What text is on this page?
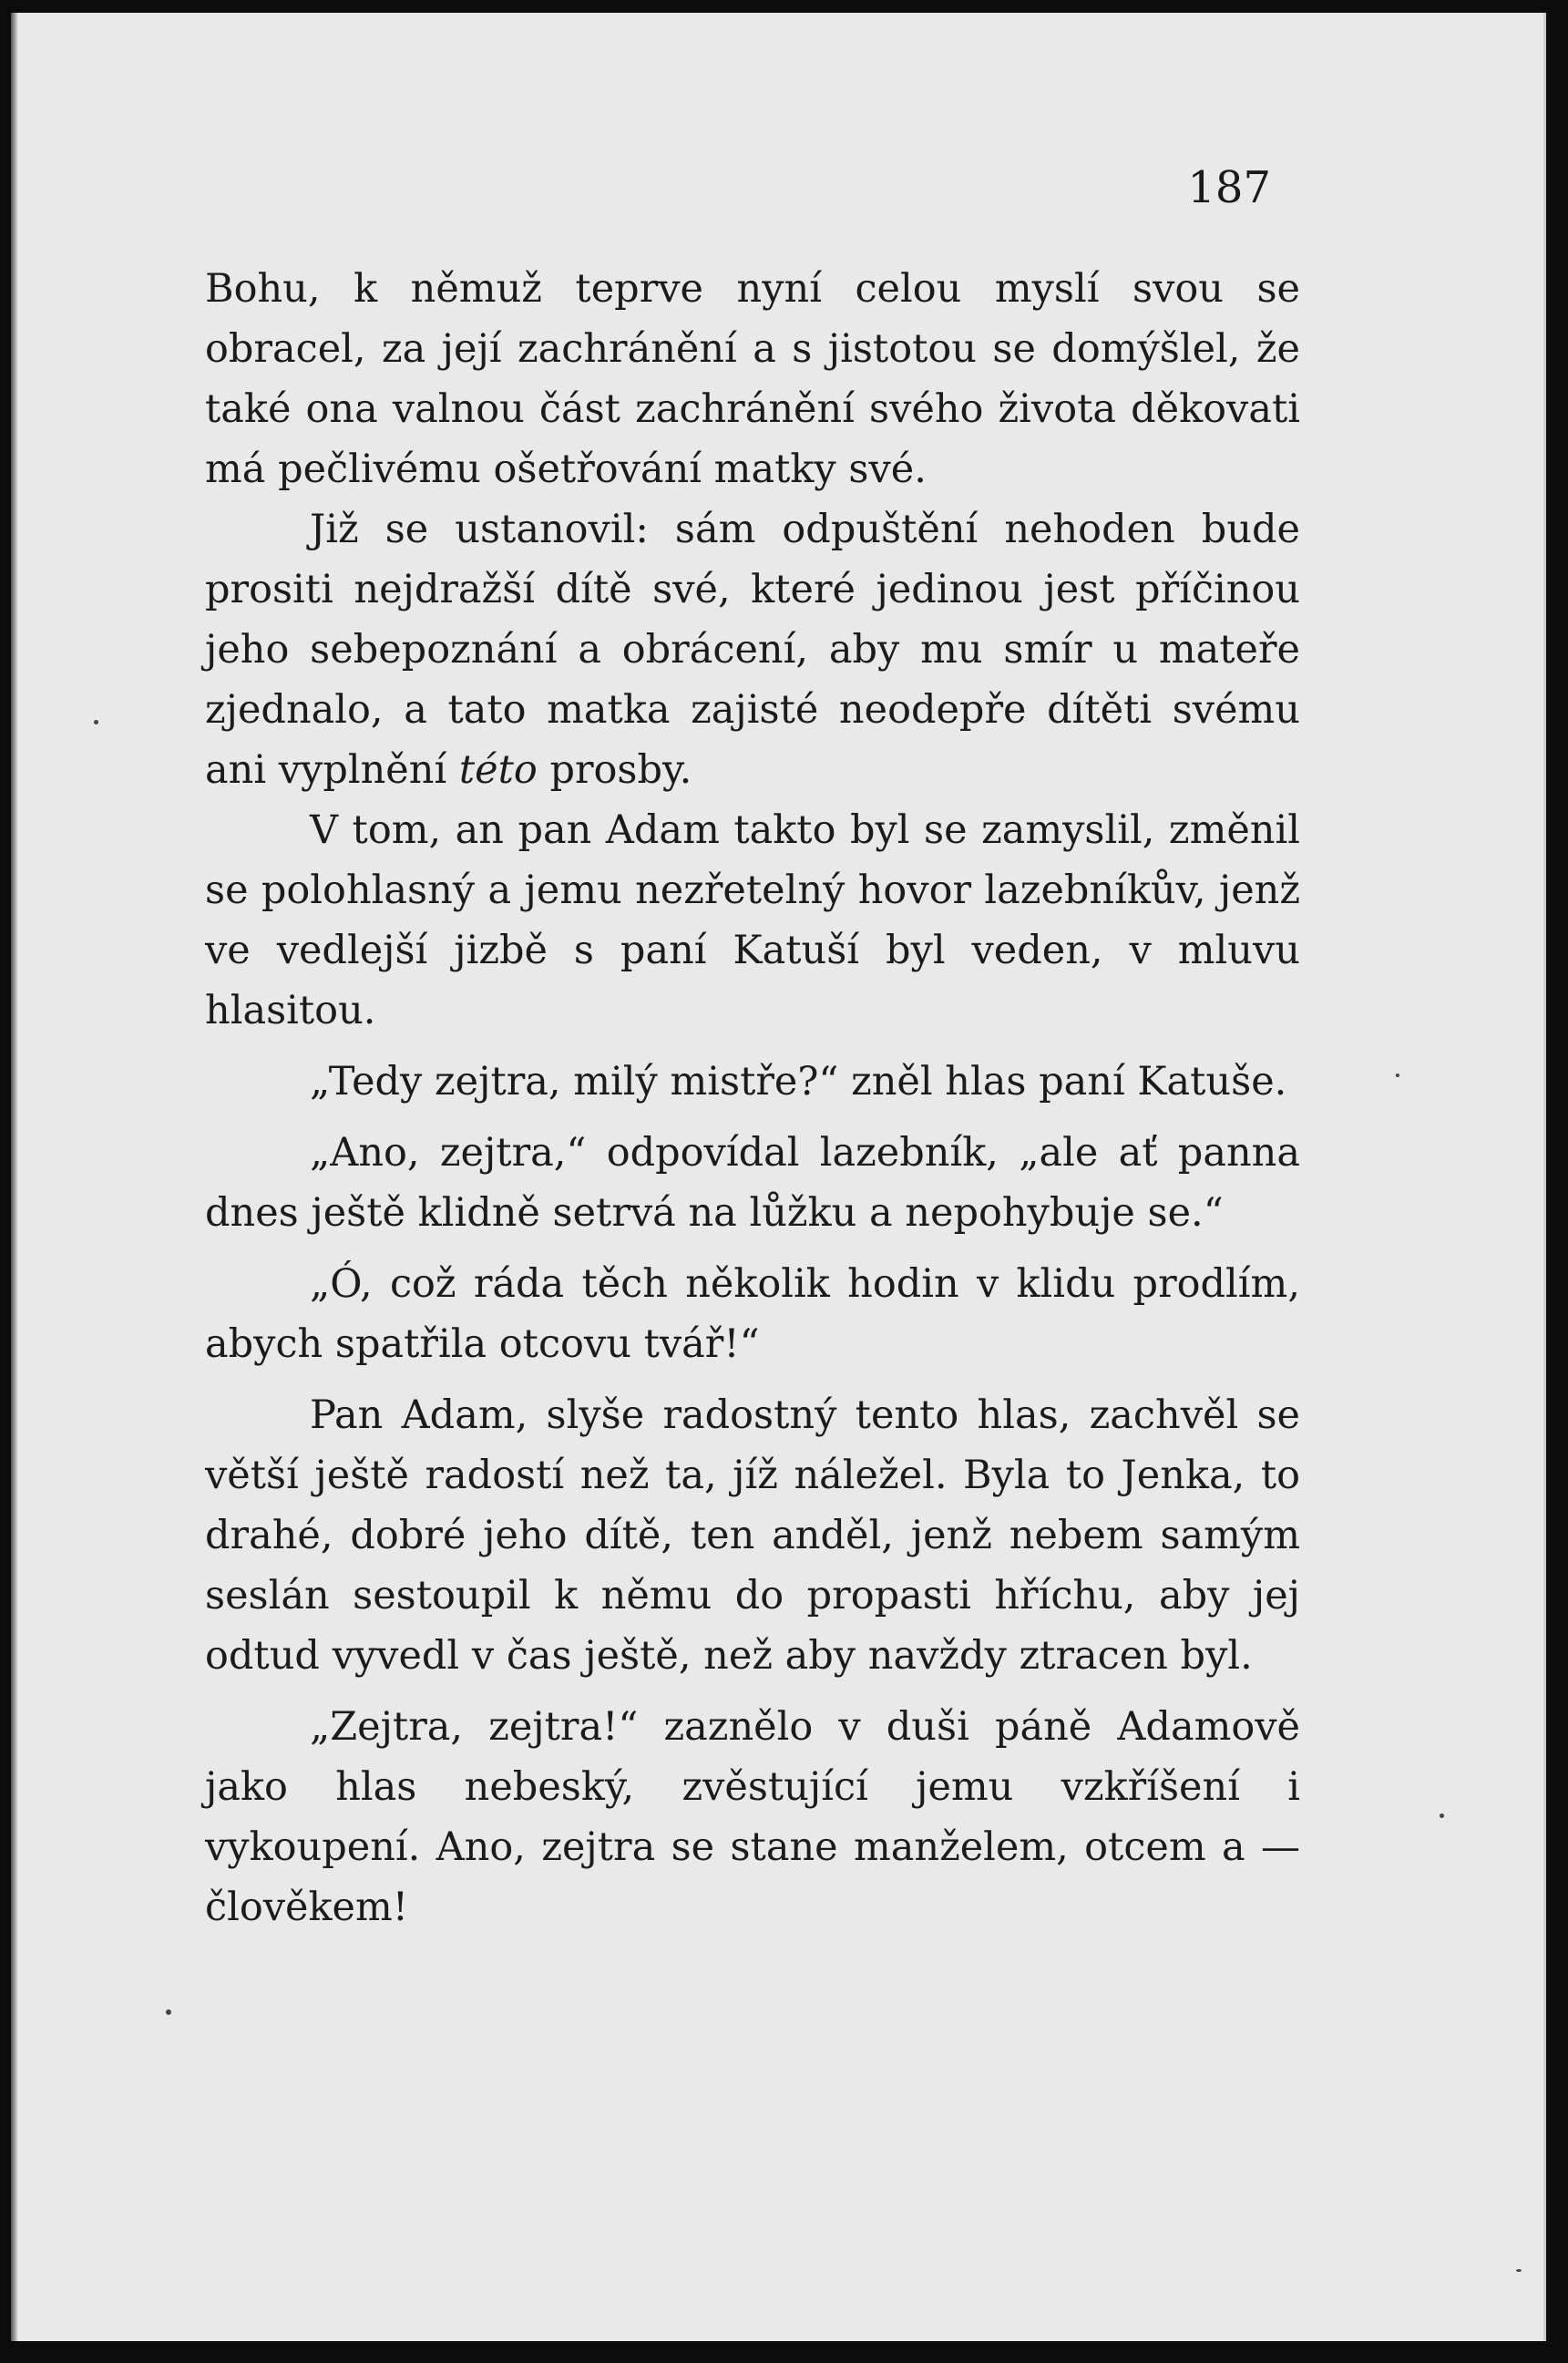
187

Bohu, k němuž teprve nyní celou myslí svou se obracel, za její zachránění a s jistotou se domýšlel, že také ona valnou část zachránění svého života děkovati má pečlivému ošetřování matky své.

Již se ustanovil: sám odpuštění nehoden bude prositi nejdražší dítě své, které jedinou jest příčinou jeho sebepoznání a obrácení, aby mu smír u mateře zjednalo, a tato matka zajisté neodepře dítěti svému ani vyplnění této prosby.

V tom, an pan Adam takto byl se zamyslil, změnil se polohlasný a jemu nezřetelný hovor lazebníkův, jenž ve vedlejší jizbě s paní Katuší byl veden, v mluvu hlasitou.

„Tedy zejtra, milý mistře?“ zněl hlas paní Katuše.

„Ano, zejtra,“ odpovídal lazebník, „ale ať panna dnes ještě klidně setrvá na lůžku a nepohybuje se.“

„Ó, což ráda těch několik hodin v klidu prodlím, abych spatřila otcovu tvář!“

Pan Adam, slyše radostný tento hlas, zachvěl se větší ještě radostí než ta, jíž náležel. Byla to Jenka, to drahé, dobré jeho dítě, ten anděl, jenž nebem samým seslán sestoupil k němu do propasti hříchu, aby jej odtud vyvedl v čas ještě, než aby navždy ztracen byl.

„Zejtra, zejtra!“ zaznělo v duši páně Adamově jako hlas nebeský, zvěstující jemu vzkříšení i vykoupení. Ano, zejtra se stane manželem, otcem a — člověkem!
